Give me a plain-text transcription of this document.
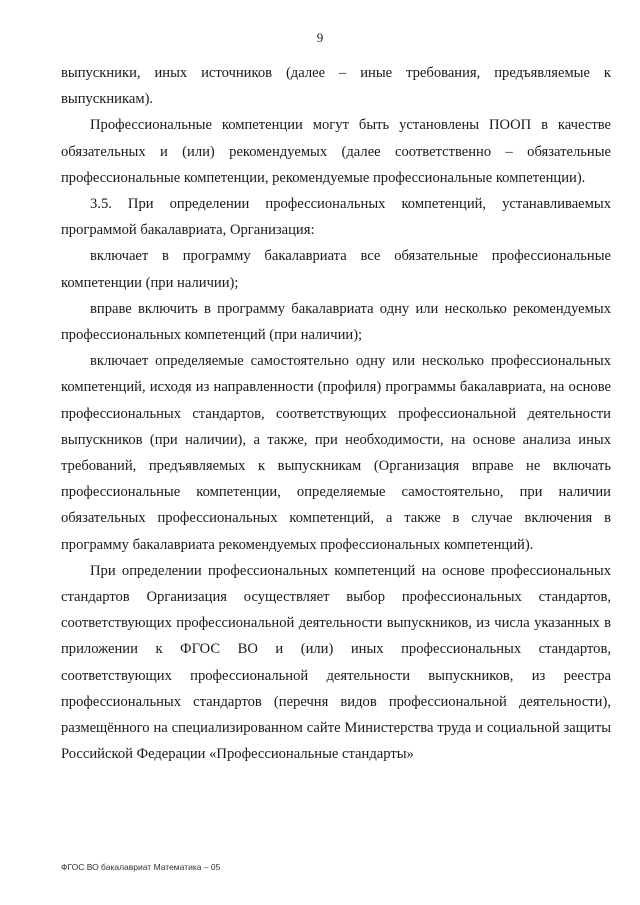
9

выпускники, иных источников (далее – иные требования, предъявляемые к выпускникам).

Профессиональные компетенции могут быть установлены ПООП в качестве обязательных и (или) рекомендуемых (далее соответственно – обязательные профессиональные компетенции, рекомендуемые профессиональные компетенции).

3.5. При определении профессиональных компетенций, устанавливаемых программой бакалавриата, Организация:

включает в программу бакалавриата все обязательные профессиональные компетенции (при наличии);

вправе включить в программу бакалавриата одну или несколько рекомендуемых профессиональных компетенций (при наличии);

включает определяемые самостоятельно одну или несколько профессиональных компетенций, исходя из направленности (профиля) программы бакалавриата, на основе профессиональных стандартов, соответствующих профессиональной деятельности выпускников (при наличии), а также, при необходимости, на основе анализа иных требований, предъявляемых к выпускникам (Организация вправе не включать профессиональные компетенции, определяемые самостоятельно, при наличии обязательных профессиональных компетенций, а также в случае включения в программу бакалавриата рекомендуемых профессиональных компетенций).

При определении профессиональных компетенций на основе профессиональных стандартов Организация осуществляет выбор профессиональных стандартов, соответствующих профессиональной деятельности выпускников, из числа указанных в приложении к ФГОС ВО и (или) иных профессиональных стандартов, соответствующих профессиональной деятельности выпускников, из реестра профессиональных стандартов (перечня видов профессиональной деятельности), размещённого на специализированном сайте Министерства труда и социальной защиты Российской Федерации «Профессиональные стандарты»

ФГОС ВО бакалавриат Математика – 05
